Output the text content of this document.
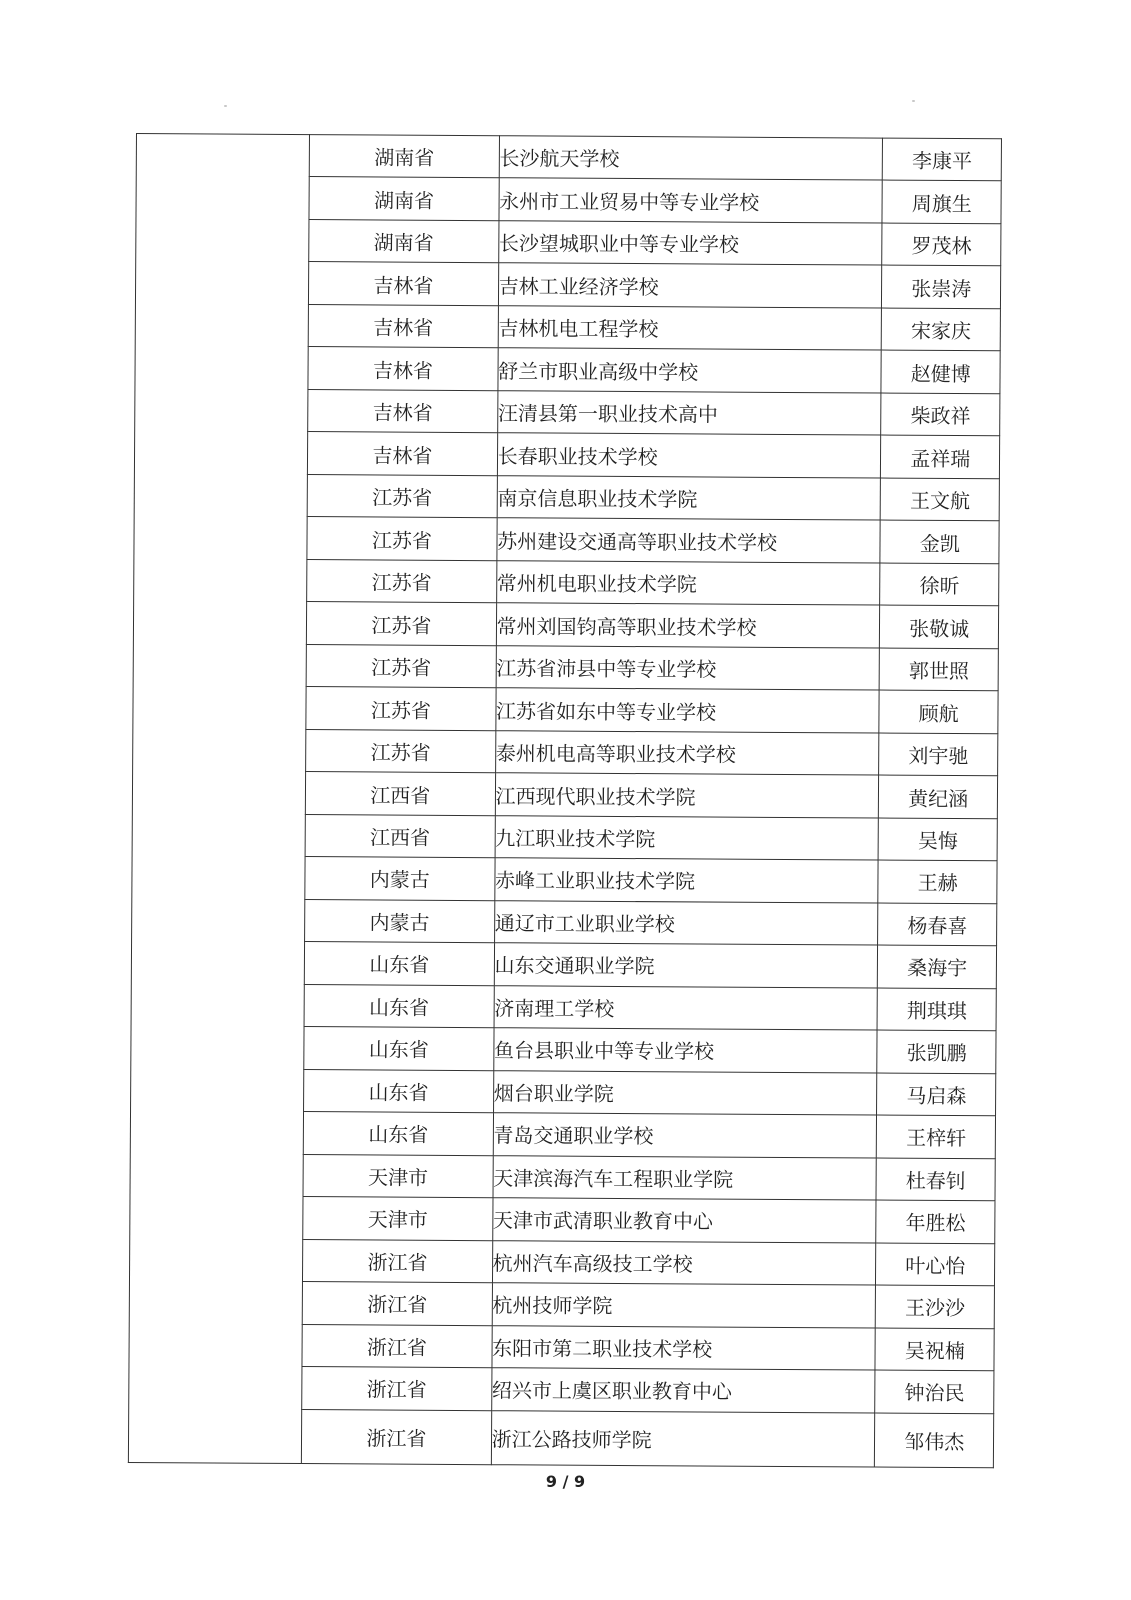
	湖南省	长沙航天学校	李康平
	湖南省	永州市工业贸易中等专业学校	周旗生
	湖南省	长沙望城职业中等专业学校	罗茂林
	吉林省	吉林工业经济学校	张崇涛
	吉林省	吉林机电工程学校	宋家庆
	吉林省	舒兰市职业高级中学校	赵健博
	吉林省	汪清县第一职业技术高中	柴政祥
	吉林省	长春职业技术学校	孟祥瑞
	江苏省	南京信息职业技术学院	王文航
	江苏省	苏州建设交通高等职业技术学校	金凯
	江苏省	常州机电职业技术学院	徐昕
	江苏省	常州刘国钧高等职业技术学校	张敬诚
	江苏省	江苏省沛县中等专业学校	郭世照
	江苏省	江苏省如东中等专业学校	顾航
	江苏省	泰州机电高等职业技术学校	刘宇驰
	江西省	江西现代职业技术学院	黄纪涵
	江西省	九江职业技术学院	吴悔
	内蒙古	赤峰工业职业技术学院	王赫
	内蒙古	通辽市工业职业学校	杨春喜
	山东省	山东交通职业学院	桑海宇
	山东省	济南理工学校	荆琪琪
	山东省	鱼台县职业中等专业学校	张凯鹏
	山东省	烟台职业学院	马启森
	山东省	青岛交通职业学校	王梓轩
	天津市	天津滨海汽车工程职业学院	杜春钊
	天津市	天津市武清职业教育中心	年胜松
	浙江省	杭州汽车高级技工学校	叶心怡
	浙江省	杭州技师学院	王沙沙
	浙江省	东阳市第二职业技术学校	吴祝楠
	浙江省	绍兴市上虞区职业教育中心	钟治民
	浙江省	浙江公路技师学院	邹伟杰
9 / 9
